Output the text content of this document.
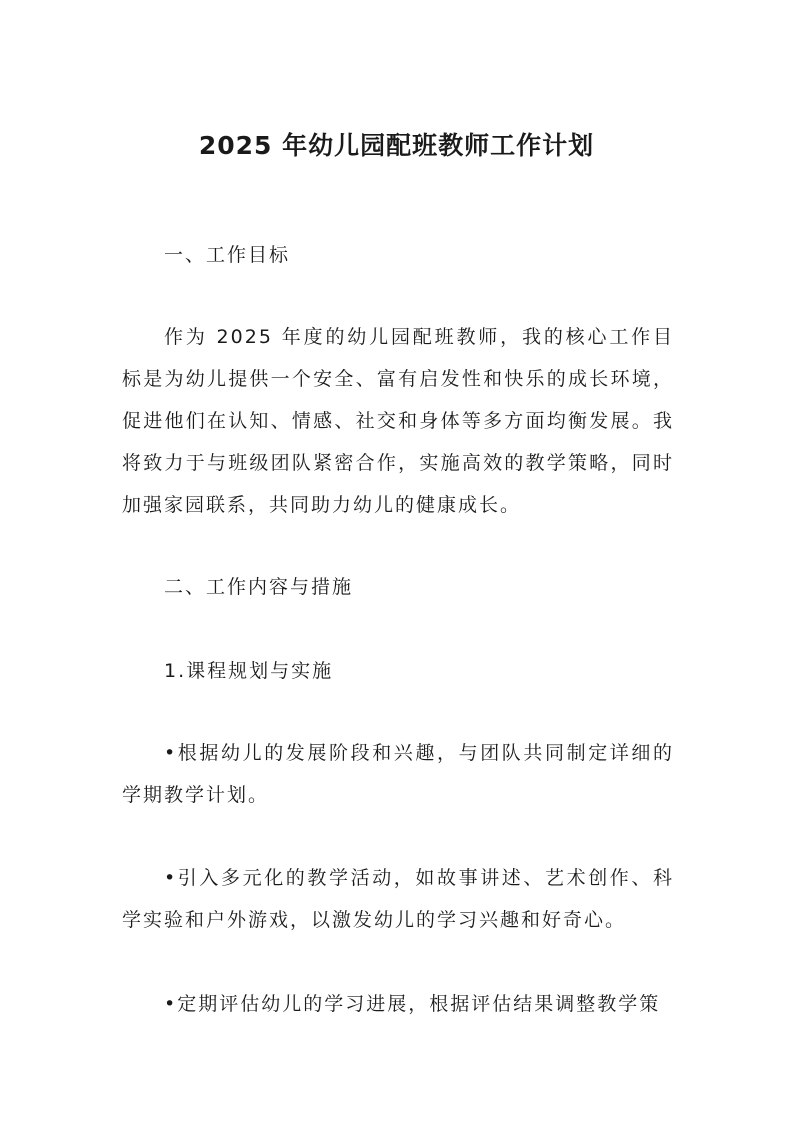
2025 年幼儿园配班教师工作计划

一、工作目标

作为 2025 年度的幼儿园配班教师，我的核心工作目标是为幼儿提供一个安全、富有启发性和快乐的成长环境，促进他们在认知、情感、社交和身体等多方面均衡发展。我将致力于与班级团队紧密合作，实施高效的教学策略，同时加强家园联系，共同助力幼儿的健康成长。

二、工作内容与措施

1.课程规划与实施

•根据幼儿的发展阶段和兴趣，与团队共同制定详细的学期教学计划。

•引入多元化的教学活动，如故事讲述、艺术创作、科学实验和户外游戏，以激发幼儿的学习兴趣和好奇心。

•定期评估幼儿的学习进展，根据评估结果调整教学策
